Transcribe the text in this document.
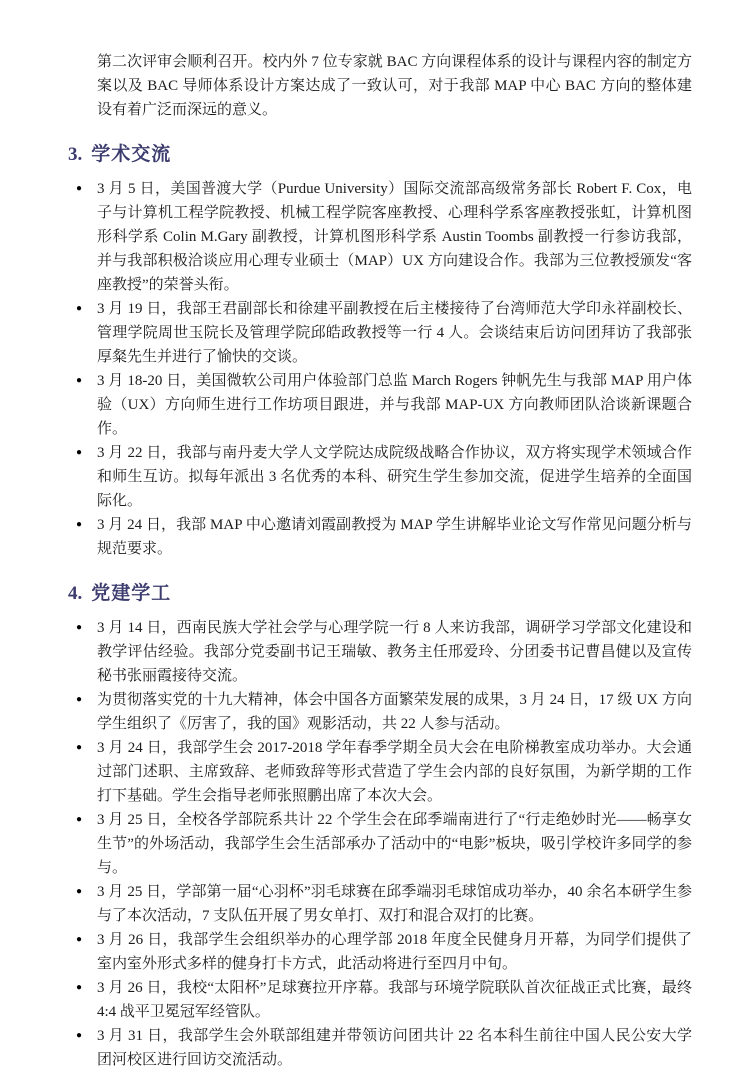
第二次评审会顺利召开。校内外 7 位专家就 BAC 方向课程体系的设计与课程内容的制定方案以及 BAC 导师体系设计方案达成了一致认可，对于我部 MAP 中心 BAC 方向的整体建设有着广泛而深远的意义。

3. 学术交流
● 3 月 5 日，美国普渡大学（Purdue University）国际交流部高级常务部长 Robert F. Cox，电子与计算机工程学院教授、机械工程学院客座教授、心理科学系客座教授张虹，计算机图形科学系 Colin M.Gary 副教授，计算机图形科学系 Austin Toombs 副教授一行参访我部，并与我部积极洽谈应用心理专业硕士（MAP）UX 方向建设合作。我部为三位教授颁发“客座教授”的荣誉头衔。
● 3 月 19 日，我部王君副部长和徐建平副教授在后主楼接待了台湾师范大学印永祥副校长、管理学院周世玉院长及管理学院邱皓政教授等一行 4 人。会谈结束后访问团拜访了我部张厚粲先生并进行了愉快的交谈。
● 3 月 18-20 日，美国微软公司用户体验部门总监 March Rogers 钟帆先生与我部 MAP 用户体验（UX）方向师生进行工作坊项目跟进，并与我部 MAP-UX 方向教师团队洽谈新课题合作。
● 3 月 22 日，我部与南丹麦大学人文学院达成院级战略合作协议，双方将实现学术领域合作和师生互访。拟每年派出 3 名优秀的本科、研究生学生参加交流，促进学生培养的全面国际化。
● 3 月 24 日，我部 MAP 中心邀请刘霞副教授为 MAP 学生讲解毕业论文写作常见问题分析与规范要求。
4. 党建学工
● 3 月 14 日，西南民族大学社会学与心理学院一行 8 人来访我部，调研学习学部文化建设和教学评估经验。我部分党委副书记王瑞敏、教务主任邢爱玲、分团委书记曹昌健以及宣传秘书张丽霞接待交流。
● 为贯彻落实党的十九大精神，体会中国各方面繁荣发展的成果，3 月 24 日，17 级 UX 方向学生组织了《厉害了，我的国》观影活动，共 22 人参与活动。
● 3 月 24 日，我部学生会 2017-2018 学年春季学期全员大会在电阶梯教室成功举办。大会通过部门述职、主席致辞、老师致辞等形式营造了学生会内部的良好氛围，为新学期的工作打下基础。学生会指导老师张照鹏出席了本次大会。
● 3 月 25 日，全校各学部院系共计 22 个学生会在邱季端南进行了“行走绝妙时光——畅享女生节”的外场活动，我部学生会生活部承办了活动中的“电影”板块，吸引学校许多同学的参与。
● 3 月 25 日，学部第一届“心羽杯”羽毛球赛在邱季端羽毛球馆成功举办，40 余名本研学生参与了本次活动，7 支队伍开展了男女单打、双打和混合双打的比赛。
● 3 月 26 日，我部学生会组织举办的心理学部 2018 年度全民健身月开幕，为同学们提供了室内室外形式多样的健身打卡方式，此活动将进行至四月中旬。
● 3 月 26 日，我校“太阳杯”足球赛拉开序幕。我部与环境学院联队首次征战正式比赛，最终 4:4 战平卫冕冠军经管队。
● 3 月 31 日，我部学生会外联部组建并带领访问团共计 22 名本科生前往中国人民公安大学团河校区进行回访交流活动。
